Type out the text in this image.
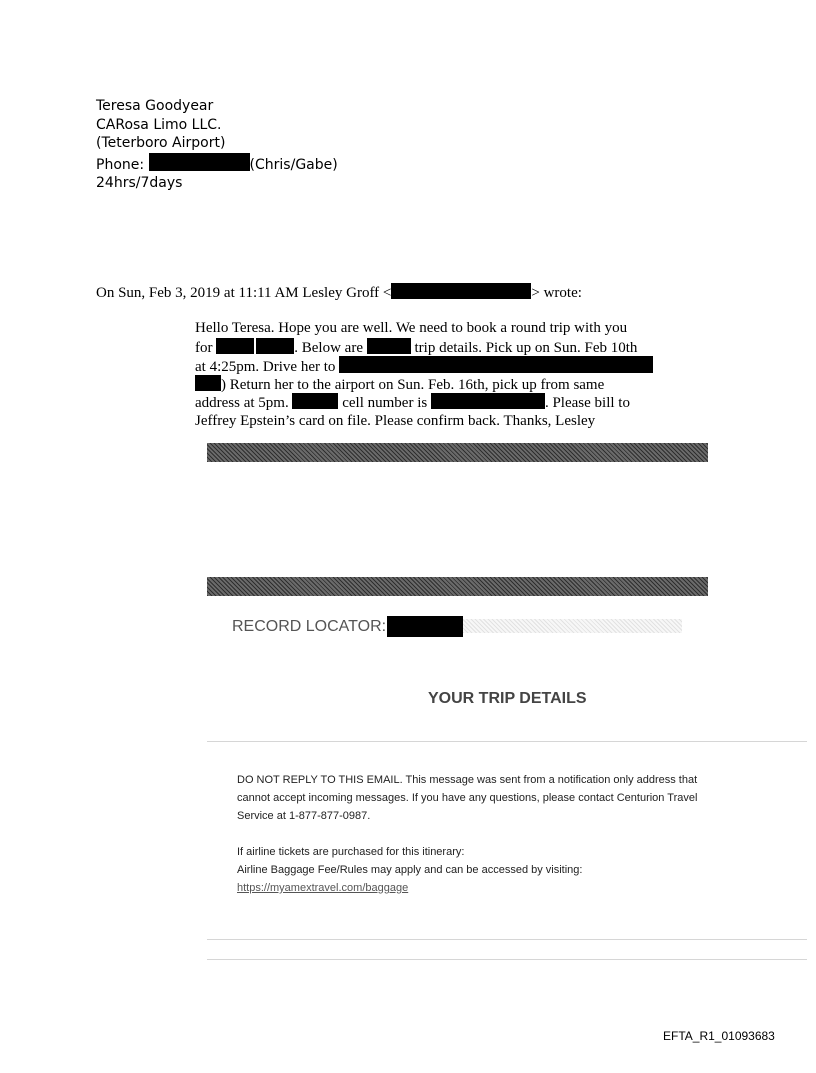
Teresa Goodyear
CARosa Limo LLC.
(Teterboro Airport)
Phone:	(Chris/Gabe)
24hrs/7days
On Sun, Feb 3, 2019 at 11:11 AM Lesley Groff <	> wrote:
Hello Teresa. Hope you are well. We need to book a round trip with you
for	. Below are	trip details. Pick up on Sun. Feb 10th
at 4:25pm. Drive her to
) Return her to the airport on Sun. Feb. 16th, pick up from same
address at 5pm.	cell number is	. Please bill to
Jeffrey Epstein’s card on file. Please confirm back. Thanks, Lesley
RECORD LOCATOR:
YOUR TRIP DETAILS
DO NOT REPLY TO THIS EMAIL. This message was sent from a notification only address that
cannot accept incoming messages. If you have any questions, please contact Centurion Travel
Service at 1-877-877-0987.
If airline tickets are purchased for this itinerary:
Airline Baggage Fee/Rules may apply and can be accessed by visiting:
https://myamextravel.com/baggage
EFTA_R1_01093683
